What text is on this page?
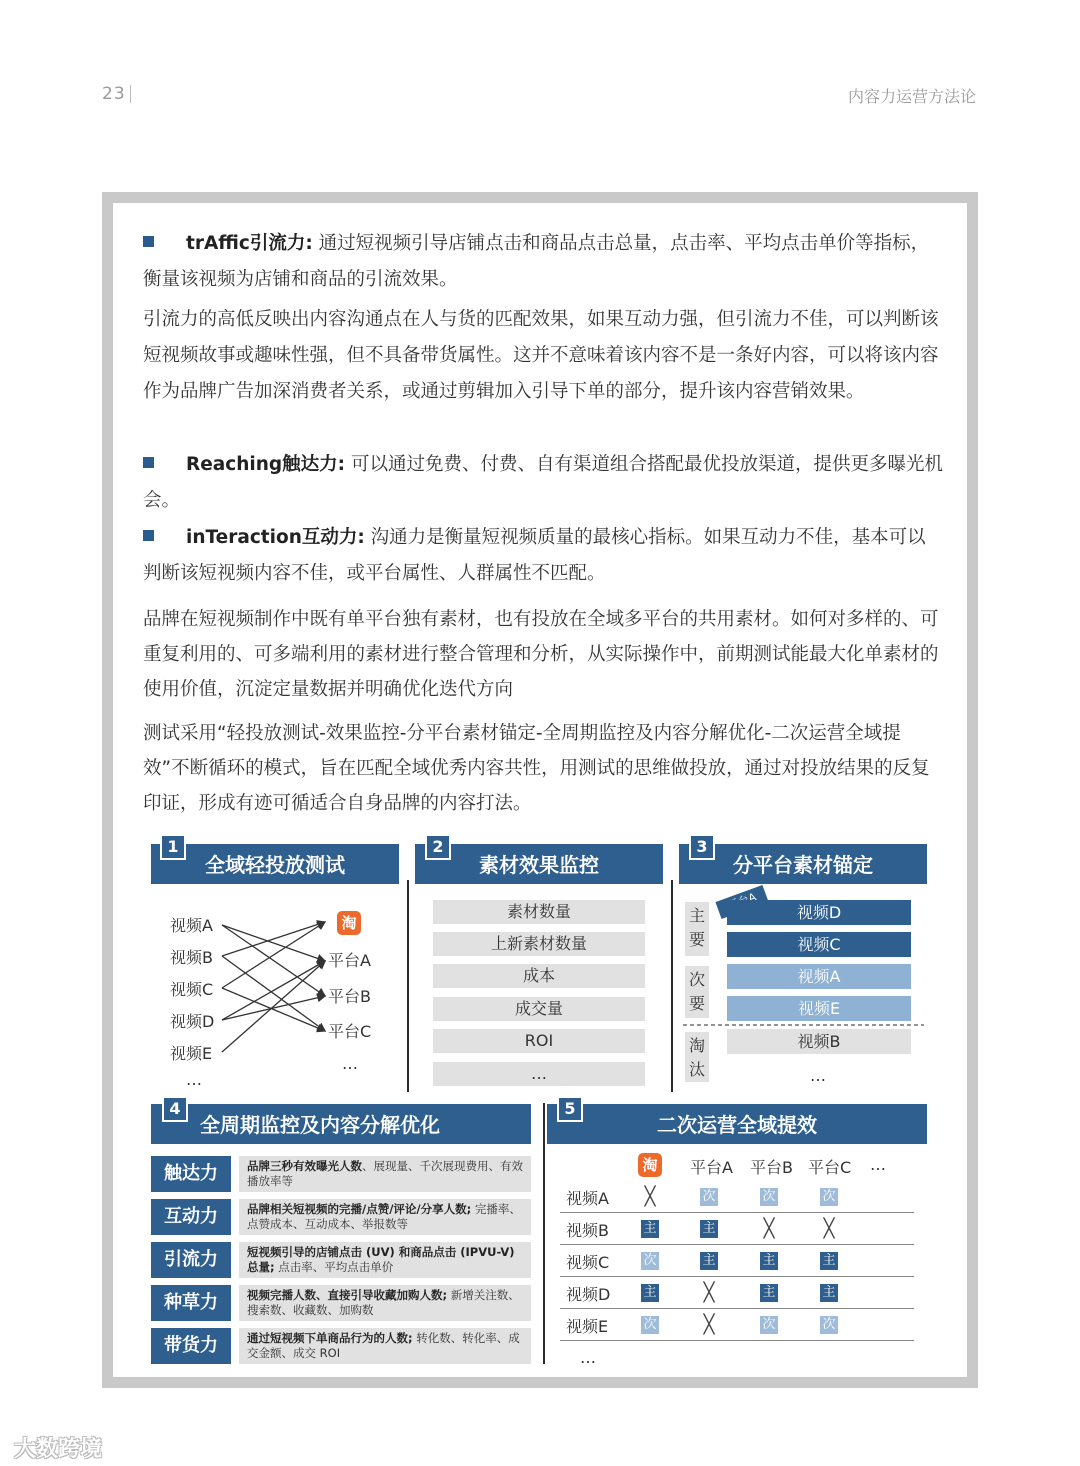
23	内容力运营方法论
trAffic引流力: 通过短视频引导店铺点击和商品点击总量，点击率、平均点击单价等指标，衡量该视频为店铺和商品的引流效果。
引流力的高低反映出内容沟通点在人与货的匹配效果，如果互动力强，但引流力不佳，可以判断该短视频故事或趣味性强，但不具备带货属性。这并不意味着该内容不是一条好内容，可以将该内容作为品牌广告加深消费者关系，或通过剪辑加入引导下单的部分，提升该内容营销效果。
Reaching触达力: 可以通过免费、付费、自有渠道组合搭配最优投放渠道，提供更多曝光机会。
inTeraction互动力: 沟通力是衡量短视频质量的最核心指标。如果互动力不佳，基本可以判断该短视频内容不佳，或平台属性、人群属性不匹配。
品牌在短视频制作中既有单平台独有素材，也有投放在全域多平台的共用素材。如何对多样的、可重复利用的、可多端利用的素材进行整合管理和分析，从实际操作中，前期测试能最大化单素材的使用价值，沉淀定量数据并明确优化迭代方向
测试采用“轻投放测试-效果监控-分平台素材锚定-全周期监控及内容分解优化-二次运营全域提效”不断循环的模式，旨在匹配全域优秀内容共性，用测试的思维做投放，通过对投放结果的反复印证，形成有迹可循适合自身品牌的内容打法。
全域轻投放测试
1
视频A
视频B
视频C
视频D
视频E
…
淘
平台A
平台B
平台C
…
素材效果监控
2
素材数量
上新素材数量
成本
成交量
ROI
…
分平台素材锚定
3
主要
次要
淘汰
视频D
视频C
视频A
视频E
视频B
…
全周期监控及内容分解优化
4
触达力	品牌三秒有效曝光人数、展现量、千次展现费用、有效播放率等
互动力	品牌相关短视频的完播/点赞/评论/分享人数; 完播率、点赞成本、互动成本、举报数等
引流力	短视频引导的店铺点击 (UV) 和商品点击 (IPVU-V) 总量; 点击率、平均点击单价
种草力	视频完播人数、直接引导收藏加购人数; 新增关注数、搜索数、收藏数、加购数
带货力	通过短视频下单商品行为的人数; 转化数、转化率、成交金额、成交 ROI
二次运营全域提效
5
淘 平台A 平台B 平台C …
视频A ╳	次	次	次
视频B	主	主	╳	╳
视频C	次	主	主	主
视频D	主	╳	主	主
视频E	次	╳	次	次
…
大数跨境
